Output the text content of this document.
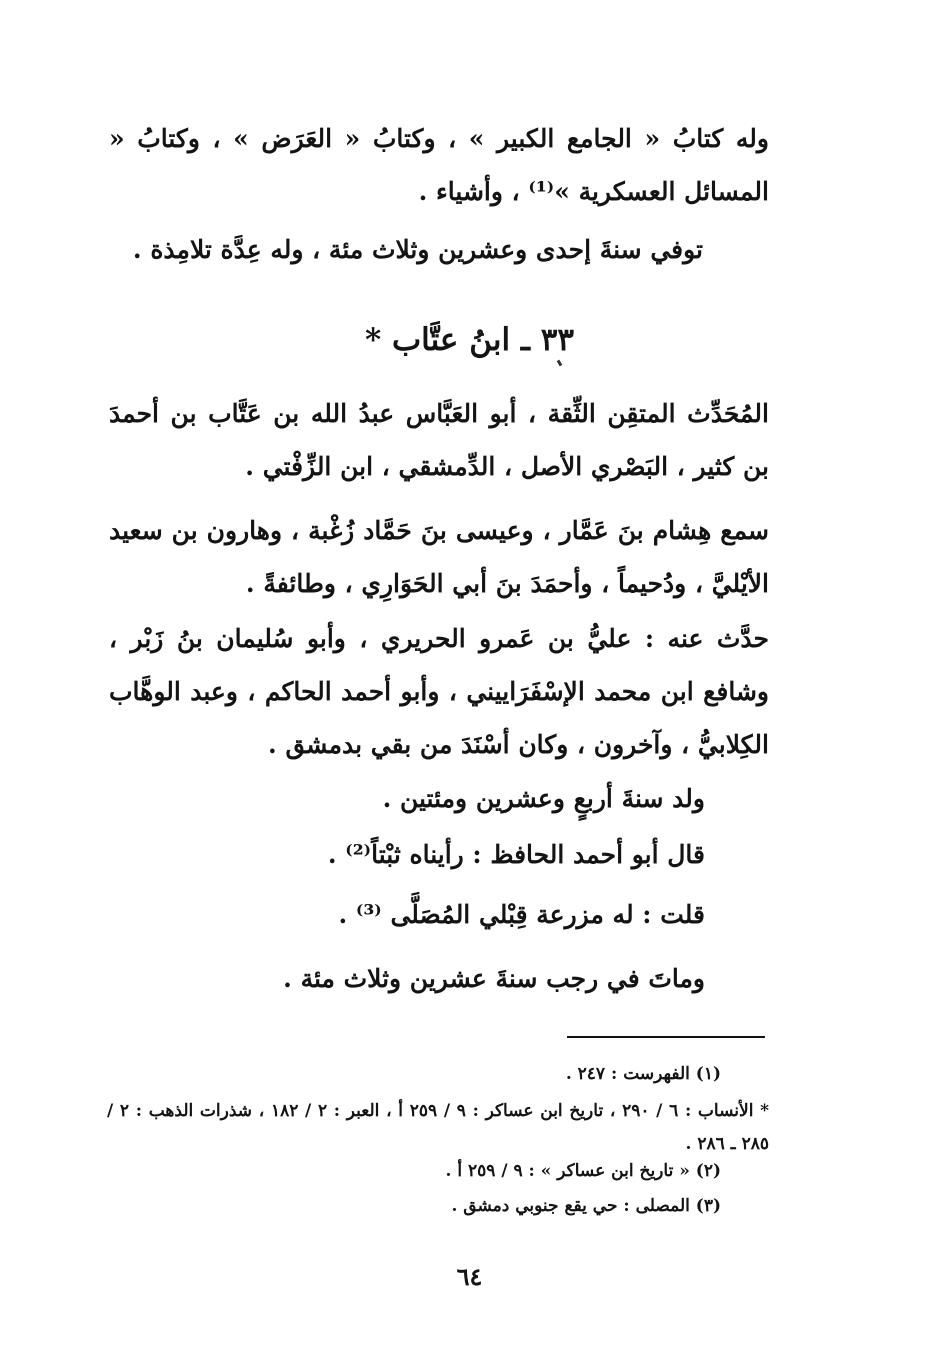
وله كتابُ « الجامع الكبير » ، وكتابُ « العَرَض » ، وكتابُ « المسائل العسكرية »⁽¹⁾ ، وأشياء .

توفي سنةَ إحدى وعشرين وثلاث مئة ، وله عِدَّة تلامِذة .

٣٣ ـ ابنُ عتَّاب *

المُحَدِّث المتقِن الثِّقة ، أبو العَبَّاس عبدُ الله بن عَتَّاب بن أحمدَ بن كثير ، البَصْري الأصل ، الدِّمشقي ، ابن الزِّفْتي .

سمع هِشام بنَ عَمَّار ، وعيسى بنَ حَمَّاد زُغْبة ، وهارون بن سعيد الأيْليَّ ، ودُحيماً ، وأحمَدَ بنَ أبي الحَوَارِي ، وطائفةً .

حدَّث عنه : عليُّ بن عَمرو الحريري ، وأبو سُليمان بنُ زَبْر ، وشافع ابن محمد الإسْفَرَاييني ، وأبو أحمد الحاكم ، وعبد الوهَّاب الكِلابيُّ ، وآخرون ، وكان أسْنَدَ من بقي بدمشق .

ولد سنةَ أربعٍ وعشرين ومئتين .

قال أبو أحمد الحافظ : رأيناه ثبْتاً⁽²⁾ .

قلت : له مزرعة قِبْلي المُصَلَّى ⁽³⁾ .

وماتَ في رجب سنةَ عشرين وثلاث مئة .

(١) الفهرست : ٢٤٧ .

* الأنساب : ٦ / ٢٩٠ ، تاريخ ابن عساكر : ٩ / ٢٥٩ أ ، العبر : ٢ / ١٨٢ ، شذرات الذهب : ٢ / ٢٨٥ ـ ٢٨٦ .

(٢) « تاريخ ابن عساكر » : ٩ / ٢٥٩ أ .

(٣) المصلى : حي يقع جنوبي دمشق .

٦٤
